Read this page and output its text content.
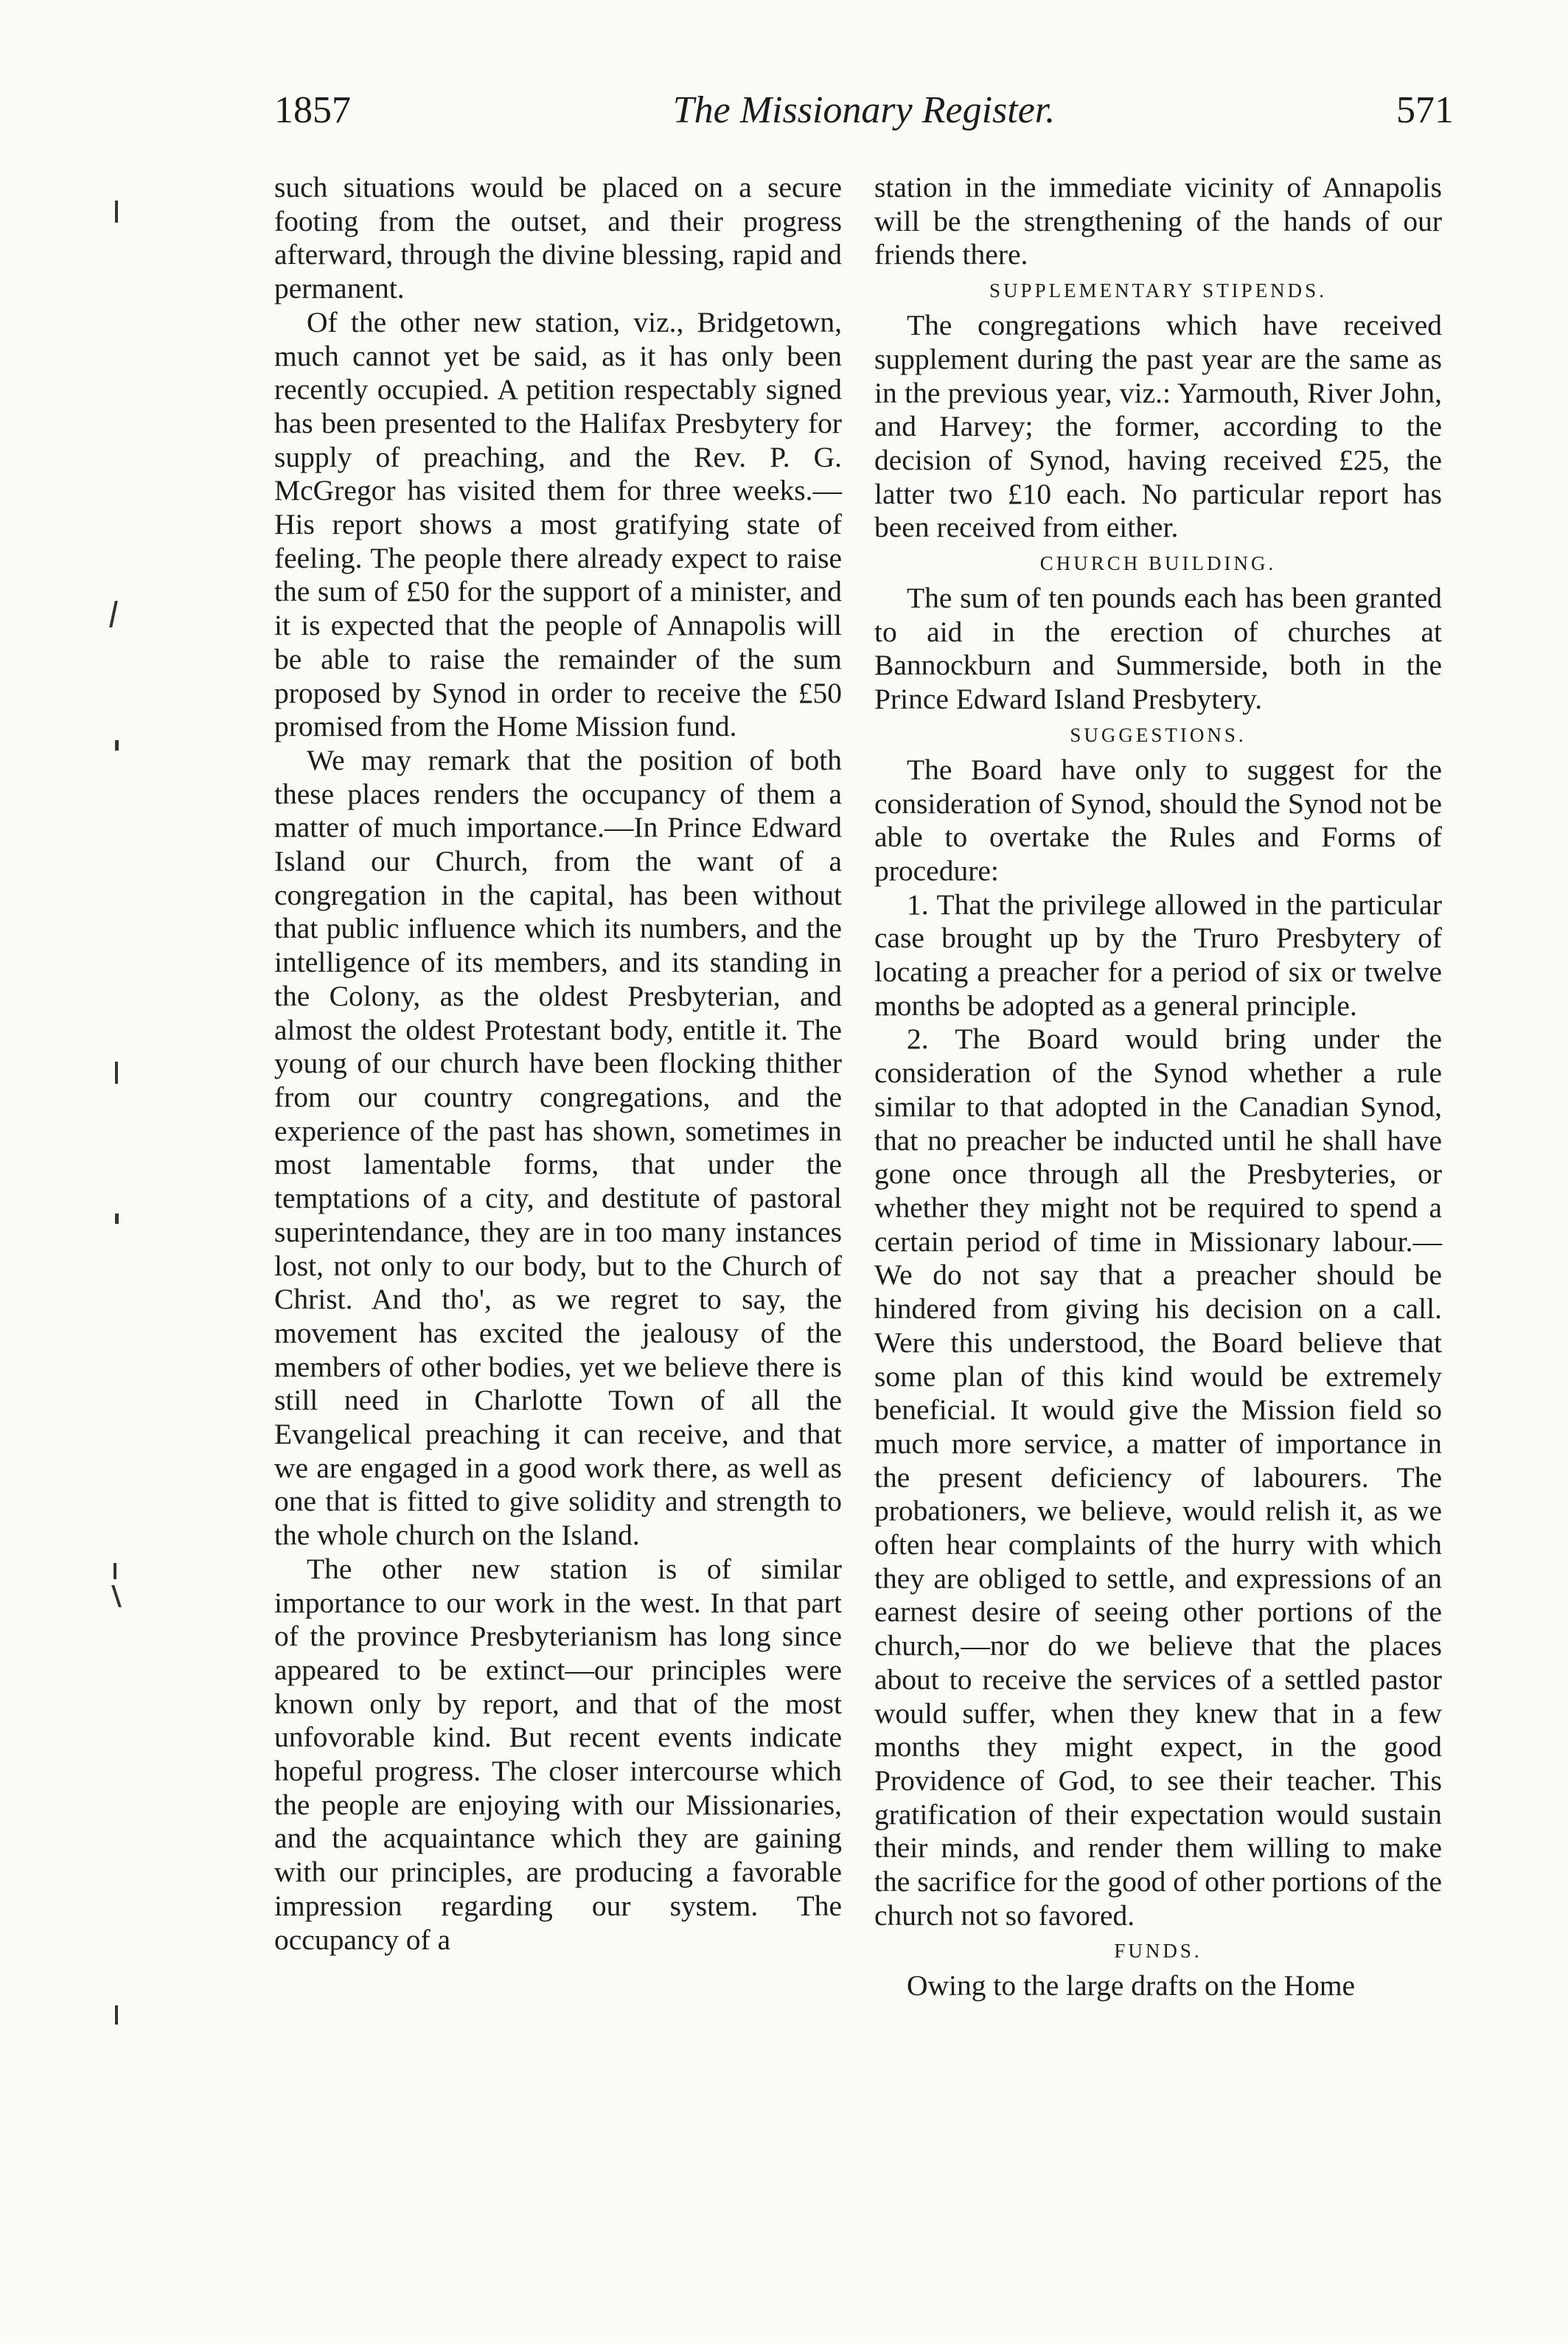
1857	The Missionary Register.	571

such situations would be placed on a secure footing from the outset, and their progress afterward, through the divine blessing, rapid and permanent.

Of the other new station, viz., Bridgetown, much cannot yet be said, as it has only been recently occupied. A petition respectably signed has been presented to the Halifax Presbytery for supply of preaching, and the Rev. P. G. McGregor has visited them for three weeks.—His report shows a most gratifying state of feeling. The people there already expect to raise the sum of £50 for the support of a minister, and it is expected that the people of Annapolis will be able to raise the remainder of the sum proposed by Synod in order to receive the £50 promised from the Home Mission fund.

We may remark that the position of both these places renders the occupancy of them a matter of much importance.—In Prince Edward Island our Church, from the want of a congregation in the capital, has been without that public influence which its numbers, and the intelligence of its members, and its standing in the Colony, as the oldest Presbyterian, and almost the oldest Protestant body, entitle it. The young of our church have been flocking thither from our country congregations, and the experience of the past has shown, sometimes in most lamentable forms, that under the temptations of a city, and destitute of pastoral superintendance, they are in too many instances lost, not only to our body, but to the Church of Christ. And tho', as we regret to say, the movement has excited the jealousy of the members of other bodies, yet we believe there is still need in Charlotte Town of all the Evangelical preaching it can receive, and that we are engaged in a good work there, as well as one that is fitted to give solidity and strength to the whole church on the Island.

The other new station is of similar importance to our work in the west. In that part of the province Presbyterianism has long since appeared to be extinct—our principles were known only by report, and that of the most unfovorable kind. But recent events indicate hopeful progress. The closer intercourse which the people are enjoying with our Missionaries, and the acquaintance which they are gaining with our principles, are producing a favorable impression regarding our system. The occupancy of a

station in the immediate vicinity of Annapolis will be the strengthening of the hands of our friends there.

SUPPLEMENTARY STIPENDS.

The congregations which have received supplement during the past year are the same as in the previous year, viz.: Yarmouth, River John, and Harvey; the former, according to the decision of Synod, having received £25, the latter two £10 each. No particular report has been received from either.

CHURCH BUILDING.

The sum of ten pounds each has been granted to aid in the erection of churches at Bannockburn and Summerside, both in the Prince Edward Island Presbytery.

SUGGESTIONS.

The Board have only to suggest for the consideration of Synod, should the Synod not be able to overtake the Rules and Forms of procedure:

1. That the privilege allowed in the particular case brought up by the Truro Presbytery of locating a preacher for a period of six or twelve months be adopted as a general principle.

2. The Board would bring under the consideration of the Synod whether a rule similar to that adopted in the Canadian Synod, that no preacher be inducted until he shall have gone once through all the Presbyteries, or whether they might not be required to spend a certain period of time in Missionary labour.—We do not say that a preacher should be hindered from giving his decision on a call. Were this understood, the Board believe that some plan of this kind would be extremely beneficial. It would give the Mission field so much more service, a matter of importance in the present deficiency of labourers. The probationers, we believe, would relish it, as we often hear complaints of the hurry with which they are obliged to settle, and expressions of an earnest desire of seeing other portions of the church,—nor do we believe that the places about to receive the services of a settled pastor would suffer, when they knew that in a few months they might expect, in the good Providence of God, to see their teacher. This gratification of their expectation would sustain their minds, and render them willing to make the sacrifice for the good of other portions of the church not so favored.

FUNDS.

Owing to the large drafts on the Home
